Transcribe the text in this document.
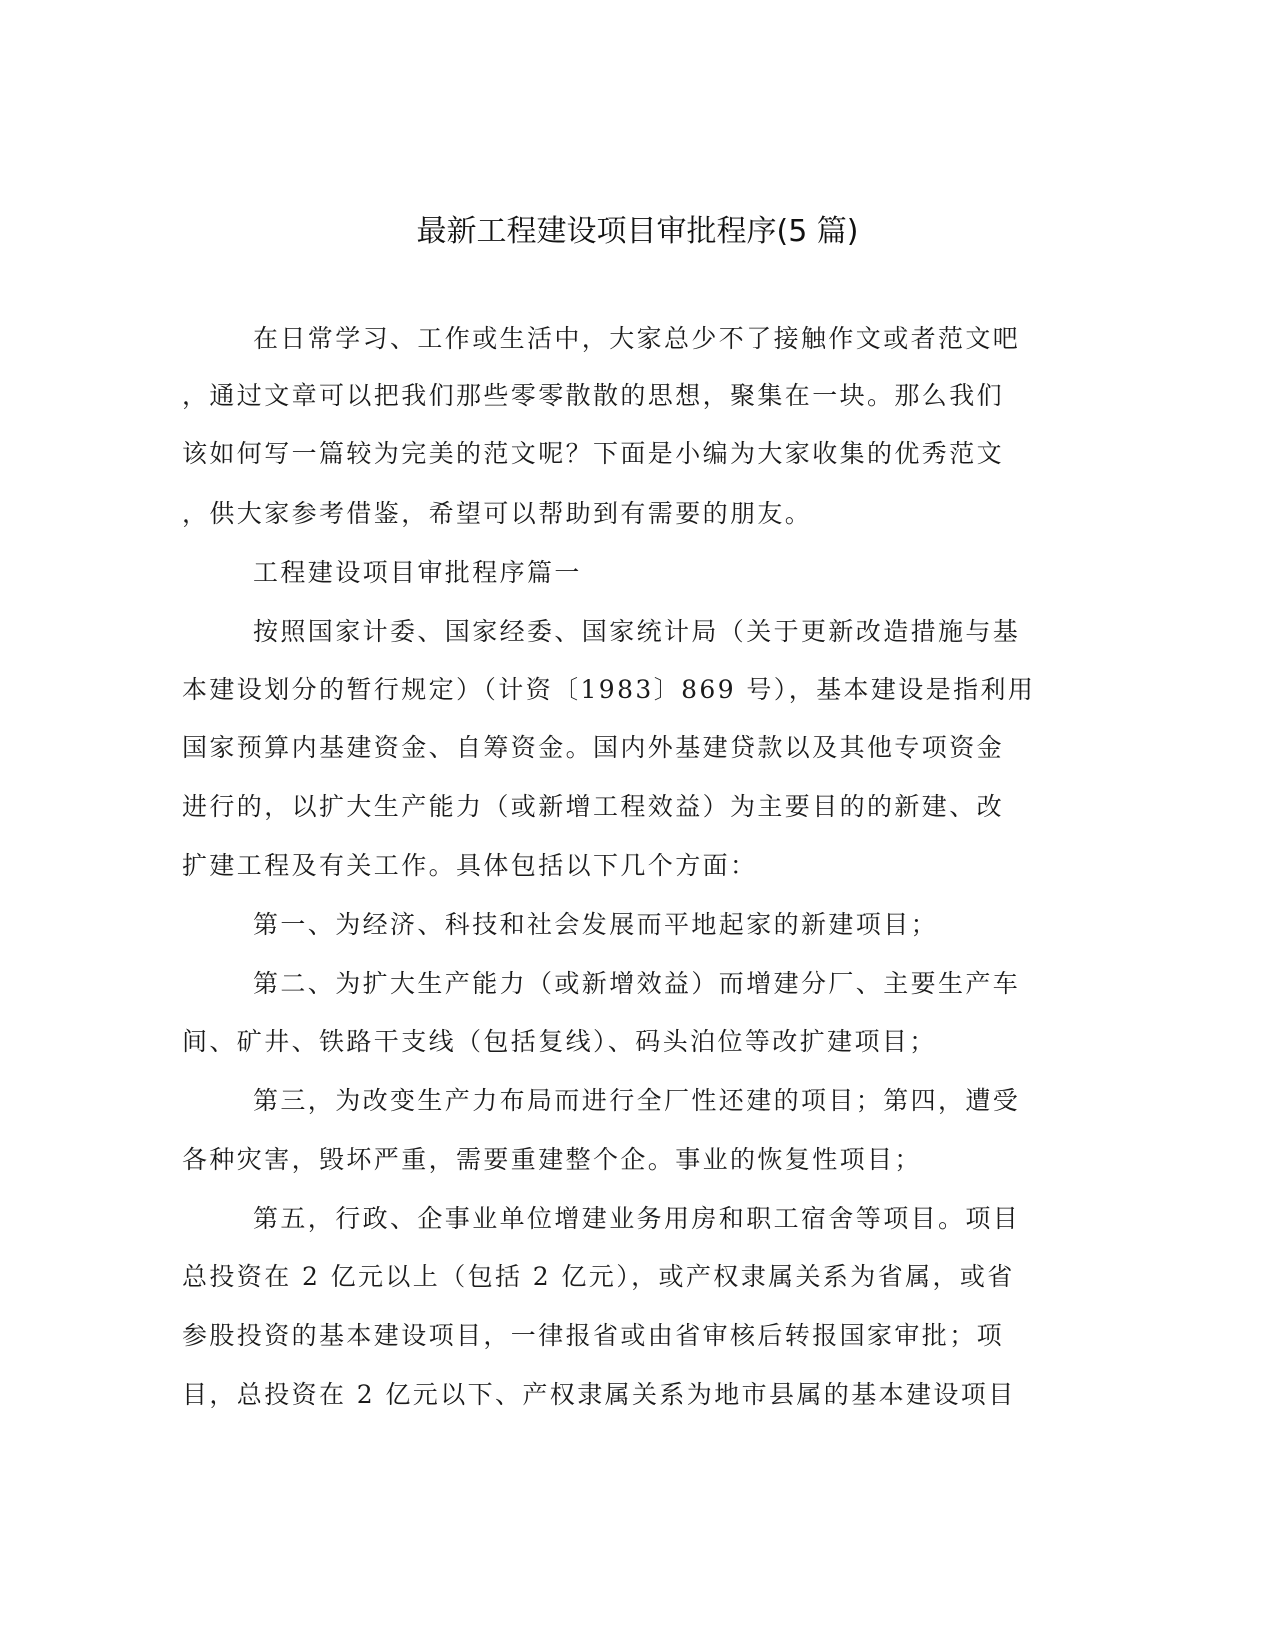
最新工程建设项目审批程序(5 篇)
在日常学习、工作或生活中，大家总少不了接触作文或者范文吧
，通过文章可以把我们那些零零散散的思想，聚集在一块。那么我们
该如何写一篇较为完美的范文呢？下面是小编为大家收集的优秀范文
，供大家参考借鉴，希望可以帮助到有需要的朋友。
工程建设项目审批程序篇一
按照国家计委、国家经委、国家统计局（关于更新改造措施与基
本建设划分的暂行规定）（计资〔1983〕869 号），基本建设是指利用
国家预算内基建资金、自筹资金。国内外基建贷款以及其他专项资金
进行的，以扩大生产能力（或新增工程效益）为主要目的的新建、改
扩建工程及有关工作。具体包括以下几个方面：
第一、为经济、科技和社会发展而平地起家的新建项目；
第二、为扩大生产能力（或新增效益）而增建分厂、主要生产车
间、矿井、铁路干支线（包括复线）、码头泊位等改扩建项目；
第三，为改变生产力布局而进行全厂性还建的项目；第四，遭受
各种灾害，毁坏严重，需要重建整个企。事业的恢复性项目；
第五，行政、企事业单位增建业务用房和职工宿舍等项目。项目
总投资在 2 亿元以上（包括 2 亿元），或产权隶属关系为省属，或省
参股投资的基本建设项目，一律报省或由省审核后转报国家审批；项
目，总投资在 2 亿元以下、产权隶属关系为地市县属的基本建设项目
